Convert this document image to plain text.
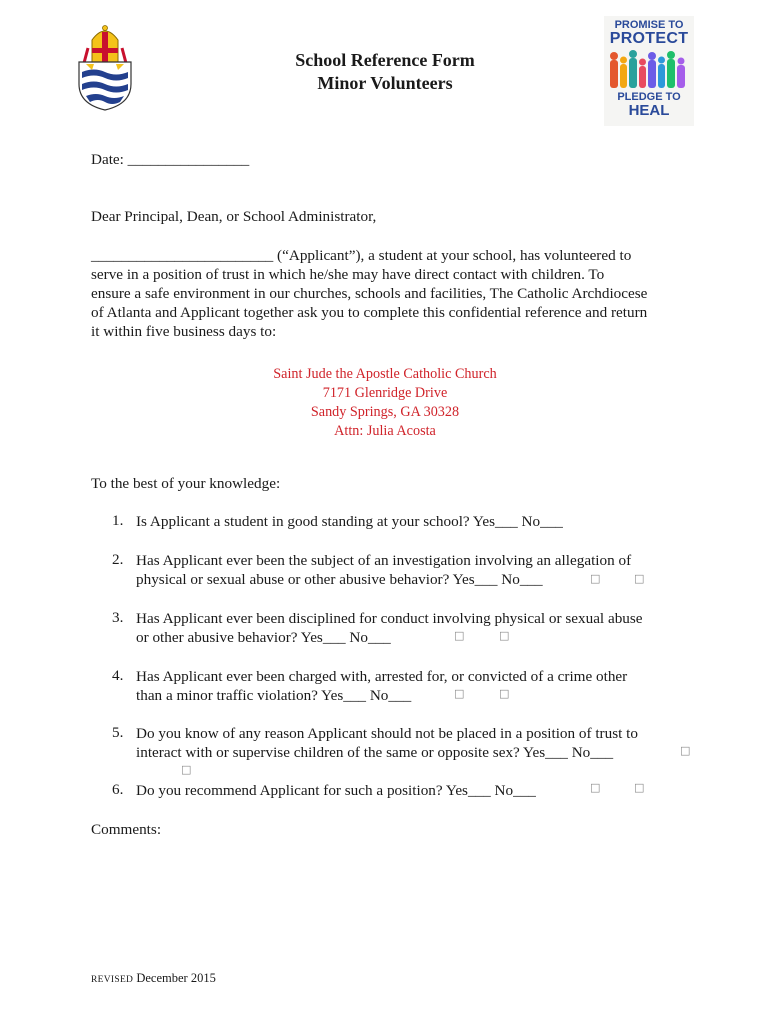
School Reference Form
Minor Volunteers
PROMISE TO
PROTECT
PLEDGE TO
HEAL
Date: ________________
Dear Principal, Dean, or School Administrator,
________________________ (“Applicant”), a student at your school, has volunteered to
serve in a position of trust in which he/she may have direct contact with children. To
ensure a safe environment in our churches, schools and facilities, The Catholic Archdiocese
of Atlanta and Applicant together ask you to complete this confidential reference and return
it within five business days to:
Saint Jude the Apostle Catholic Church
7171 Glenridge Drive
Sandy Springs, GA 30328
Attn: Julia Acosta
To the best of your knowledge:
1. Is Applicant a student in good standing at your school? Yes___ No___
2. Has Applicant ever been the subject of an investigation involving an allegation of
physical or sexual abuse or other abusive behavior? Yes___ No___	□	□
3. Has Applicant ever been disciplined for conduct involving physical or sexual abuse
or other abusive behavior? Yes___ No___	□	□
4. Has Applicant ever been charged with, arrested for, or convicted of a crime other
than a minor traffic violation? Yes___ No___	□	□
5. Do you know of any reason Applicant should not be placed in a position of trust to
interact with or supervise children of the same or opposite sex? Yes___ No___	□
□
6. Do you recommend Applicant for such a position? Yes___ No___	□	□
Comments:
REVISED December 2015
